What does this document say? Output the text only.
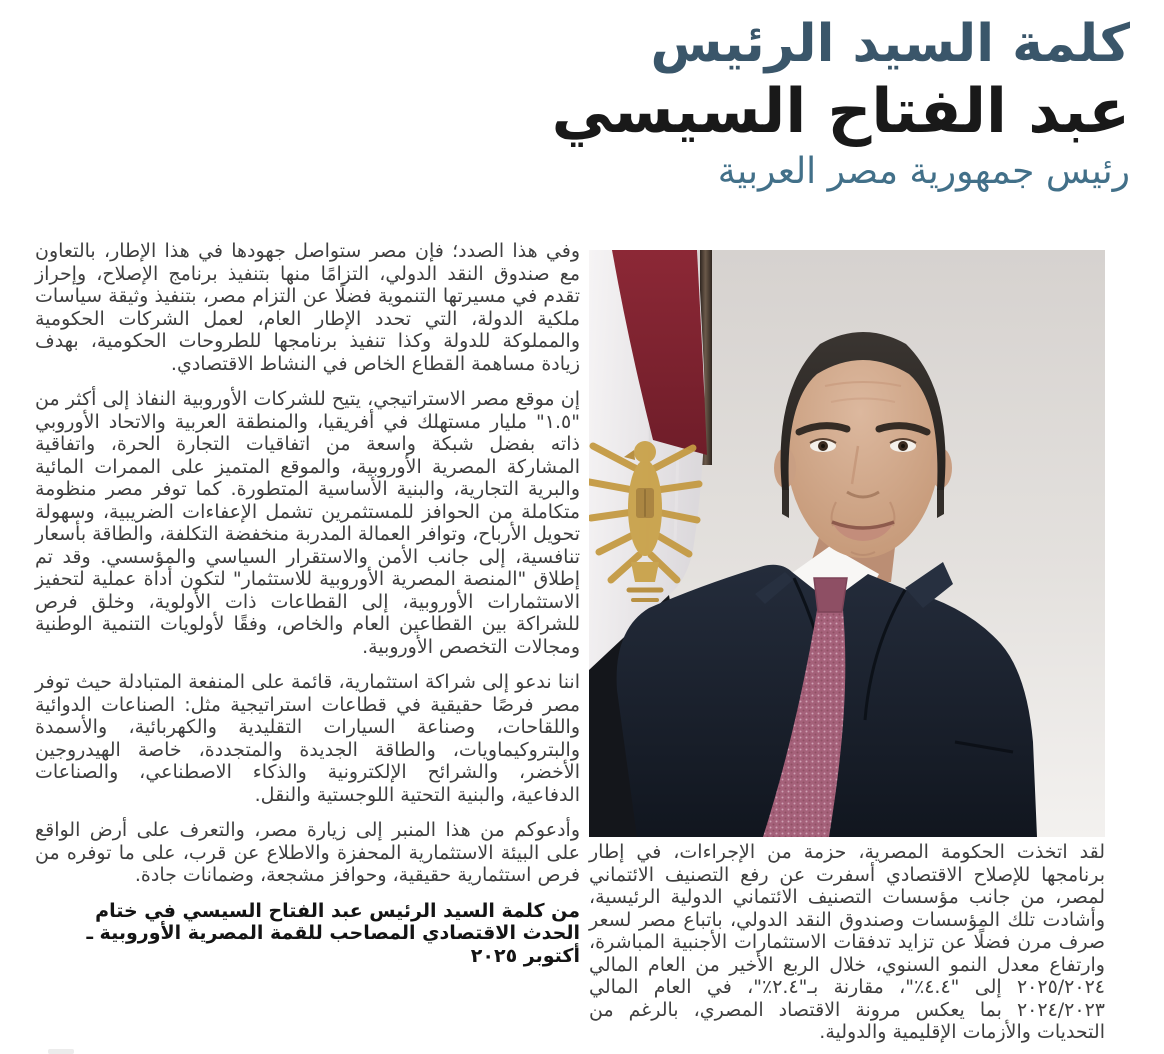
كلمة السيد الرئيس
عبد الفتاح السيسي
رئيس جمهورية مصر العربية

وفي هذا الصدد؛ فإن مصر ستواصل جهودها في هذا الإطار، بالتعاون مع صندوق النقد الدولي، التزامًا منها بتنفيذ برنامج الإصلاح، وإحراز تقدم في مسيرتها التنموية فضلًا عن التزام مصر، بتنفيذ وثيقة سياسات ملكية الدولة، التي تحدد الإطار العام، لعمل الشركات الحكومية والمملوكة للدولة وكذا تنفيذ برنامجها للطروحات الحكومية، بهدف زيادة مساهمة القطاع الخاص في النشاط الاقتصادي.

إن موقع مصر الاستراتيجي، يتيح للشركات الأوروبية النفاذ إلى أكثر من "١.٥" مليار مستهلك في أفريقيا، والمنطقة العربية والاتحاد الأوروبي ذاته بفضل شبكة واسعة من اتفاقيات التجارة الحرة، واتفاقية المشاركة المصرية الأوروبية، والموقع المتميز على الممرات المائية والبرية التجارية، والبنية الأساسية المتطورة. كما توفر مصر منظومة متكاملة من الحوافز للمستثمرين تشمل الإعفاءات الضريبية، وسهولة تحويل الأرباح، وتوافر العمالة المدربة منخفضة التكلفة، والطاقة بأسعار تنافسية، إلى جانب الأمن والاستقرار السياسي والمؤسسي. وقد تم إطلاق "المنصة المصرية الأوروبية للاستثمار" لتكون أداة عملية لتحفيز الاستثمارات الأوروبية، إلى القطاعات ذات الأولوية، وخلق فرص للشراكة بين القطاعين العام والخاص، وفقًا لأولويات التنمية الوطنية ومجالات التخصص الأوروبية.

اننا ندعو إلى شراكة استثمارية، قائمة على المنفعة المتبادلة حيث توفر مصر فرصًا حقيقية في قطاعات استراتيجية مثل: الصناعات الدوائية واللقاحات، وصناعة السيارات التقليدية والكهربائية، والأسمدة والبتروكيماويات، والطاقة الجديدة والمتجددة، خاصة الهيدروجين الأخضر، والشرائح الإلكترونية والذكاء الاصطناعي، والصناعات الدفاعية، والبنية التحتية اللوجستية والنقل.

وأدعوكم من هذا المنبر إلى زيارة مصر، والتعرف على أرض الواقع على البيئة الاستثمارية المحفزة والاطلاع عن قرب، على ما توفره من فرص استثمارية حقيقية، وحوافز مشجعة، وضمانات جادة.

من كلمة السيد الرئيس عبد الفتاح السيسي في ختام الحدث الاقتصادي المصاحب للقمة المصرية الأوروبية ـ أكتوبر ٢٠٢٥

لقد اتخذت الحكومة المصرية، حزمة من الإجراءات، في إطار برنامجها للإصلاح الاقتصادي أسفرت عن رفع التصنيف الائتماني لمصر، من جانب مؤسسات التصنيف الائتماني الدولية الرئيسية، وأشادت تلك المؤسسات وصندوق النقد الدولي، باتباع مصر لسعر صرف مرن فضلًا عن تزايد تدفقات الاستثمارات الأجنبية المباشرة، وارتفاع معدل النمو السنوي، خلال الربع الأخير من العام المالي ٢٠٢٥/٢٠٢٤ إلى "٤.٤٪"، مقارنة بـ"٢.٤٪"، في العام المالي ٢٠٢٤/٢٠٢٣ بما يعكس مرونة الاقتصاد المصري، بالرغم من التحديات والأزمات الإقليمية والدولية.
